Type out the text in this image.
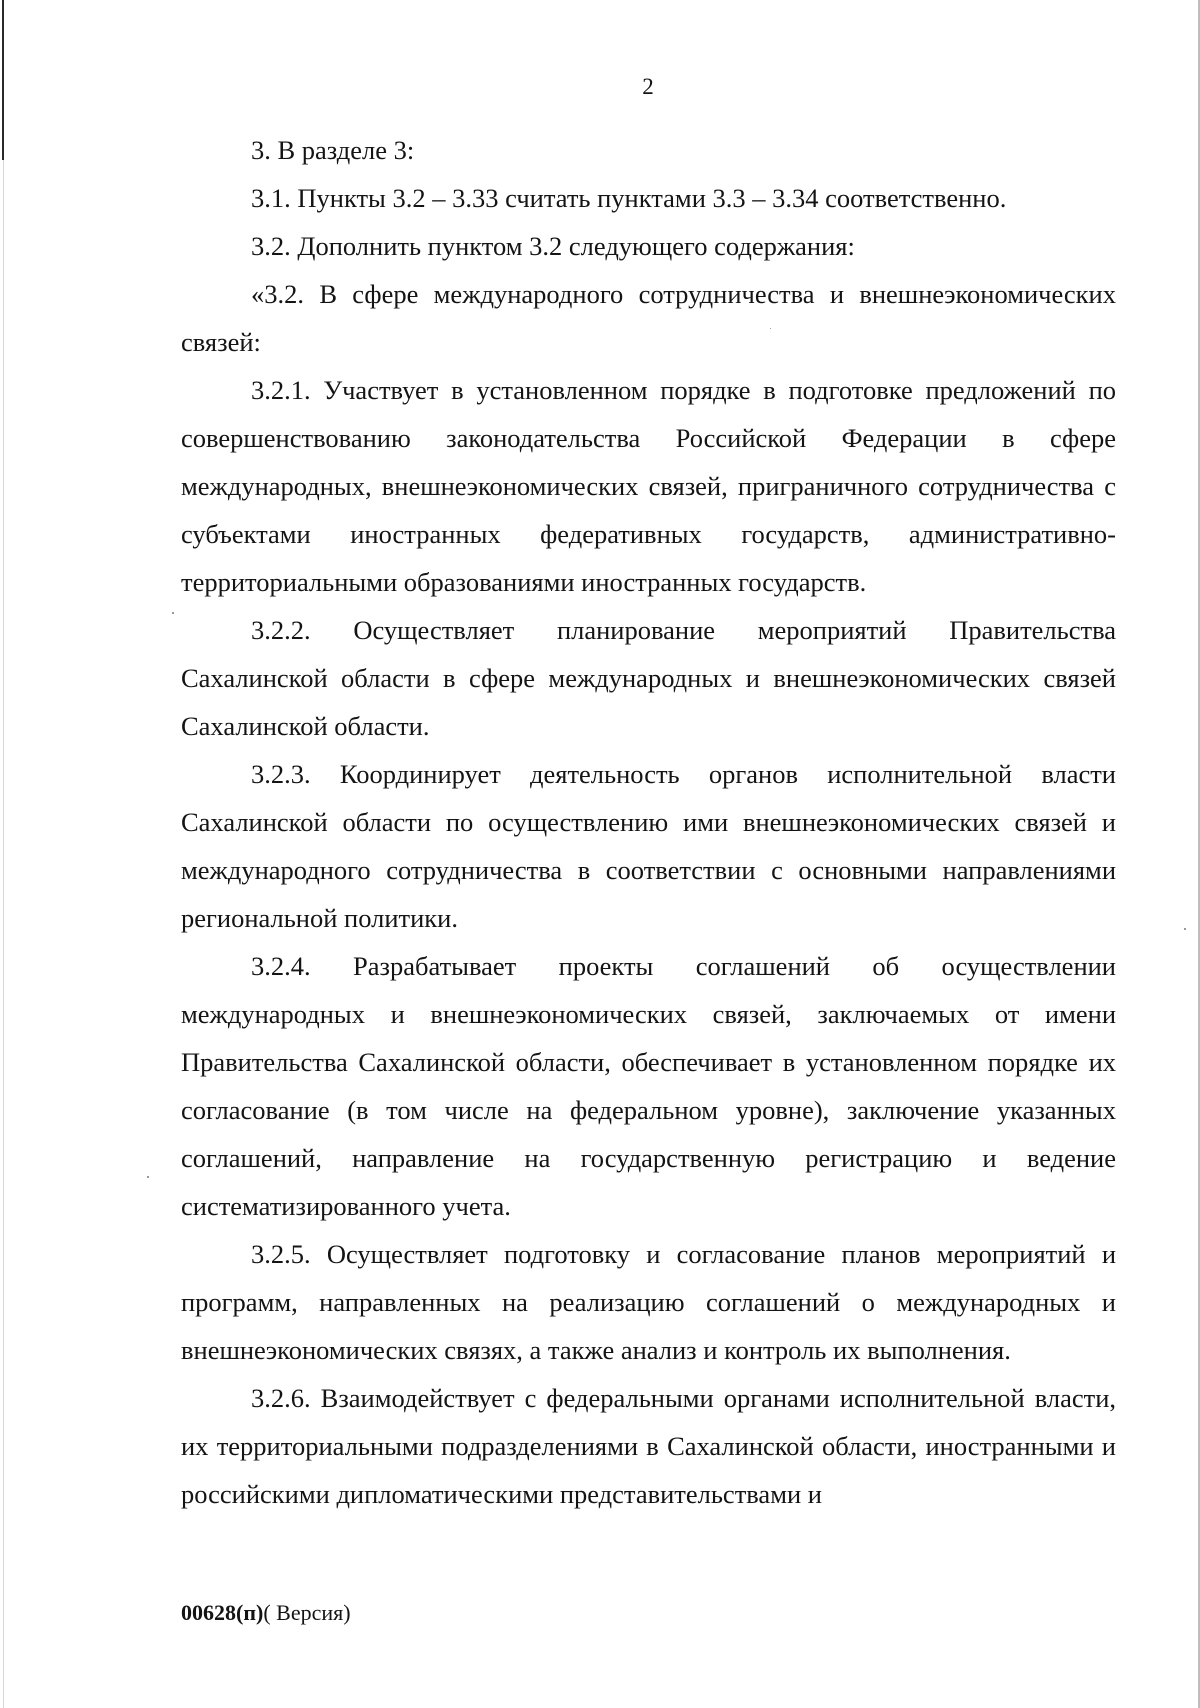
2

3. В разделе 3:

3.1. Пункты 3.2 – 3.33 считать пунктами 3.3 – 3.34 соответственно.

3.2. Дополнить пунктом 3.2 следующего содержания:

«3.2. В сфере международного сотрудничества и внешнеэкономических связей:

3.2.1. Участвует в установленном порядке в подготовке предложений по совершенствованию законодательства Российской Федерации в сфере международных, внешнеэкономических связей, приграничного сотрудничества с субъектами иностранных федеративных государств, административно-территориальными образованиями иностранных государств.

3.2.2. Осуществляет планирование мероприятий Правительства Сахалинской области в сфере международных и внешнеэкономических связей Сахалинской области.

3.2.3. Координирует деятельность органов исполнительной власти Сахалинской области по осуществлению ими внешнеэкономических связей и международного сотрудничества в соответствии с основными направлениями региональной политики.

3.2.4. Разрабатывает проекты соглашений об осуществлении международных и внешнеэкономических связей, заключаемых от имени Правительства Сахалинской области, обеспечивает в установленном порядке их согласование (в том числе на федеральном уровне), заключение указанных соглашений, направление на государственную регистрацию и ведение систематизированного учета.

3.2.5. Осуществляет подготовку и согласование планов мероприятий и программ, направленных на реализацию соглашений о международных и внешнеэкономических связях, а также анализ и контроль их выполнения.

3.2.6. Взаимодействует с федеральными органами исполнительной власти, их территориальными подразделениями в Сахалинской области, иностранными и российскими дипломатическими представительствами и

00628(п)( Версия)
